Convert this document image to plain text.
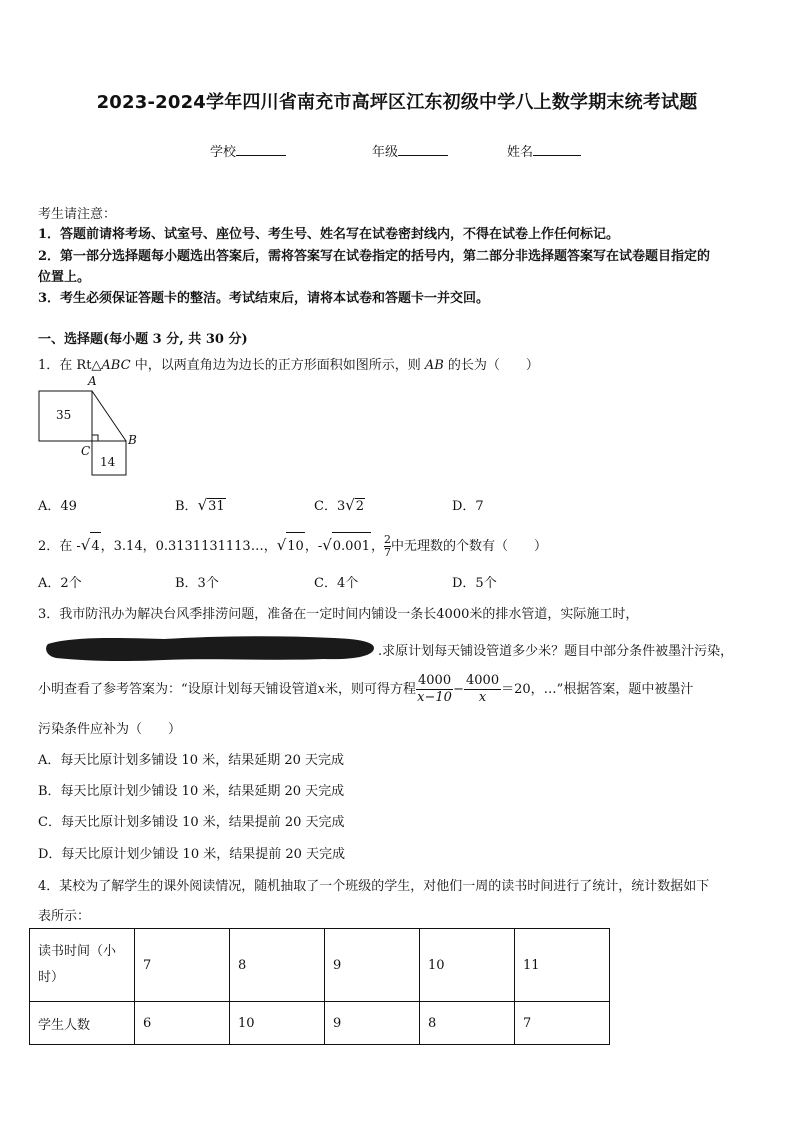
2023-2024学年四川省南充市高坪区江东初级中学八上数学期末统考试题
学校	年级	姓名
考生请注意：
1．答题前请将考场、试室号、座位号、考生号、姓名写在试卷密封线内，不得在试卷上作任何标记。
2．第一部分选择题每小题选出答案后，需将答案写在试卷指定的括号内，第二部分非选择题答案写在试卷题目指定的
位置上。
3．考生必须保证答题卡的整洁。考试结束后，请将本试卷和答题卡一并交回。
一、选择题(每小题 3 分, 共 30 分)
1．在 Rt△ABC 中，以两直角边为边长的正方形面积如图所示，则 AB 的长为（　　）
35
14
A
B
C
A．49	B．√31	C．3√2	D．7
2．在 -√4，3.14，0.3131131113…，√10，-√0.001， $\frac{2}{7}$ 中无理数的个数有（　　）
A．2个	B．3个	C．4个	D．5个
3．我市防汛办为解决台风季排涝问题，准备在一定时间内铺设一条长4000米的排水管道，实际施工时，
.求原计划每天铺设管道多少米？题目中部分条件被墨汁污染，
小明查看了参考答案为：“设原计划每天铺设管道x米，则可得方程 $\frac{4000}{x-10} - \frac{4000}{x} =20$，…”根据答案，题中被墨汁
污染条件应补为（　　）
A．每天比原计划多铺设 10 米，结果延期 20 天完成
B．每天比原计划少铺设 10 米，结果延期 20 天完成
C．每天比原计划多铺设 10 米，结果提前 20 天完成
D．每天比原计划少铺设 10 米，结果提前 20 天完成
4．某校为了解学生的课外阅读情况，随机抽取了一个班级的学生，对他们一周的读书时间进行了统计，统计数据如下
表所示：
读书时间（小时）	7	8	9	10	11
学生人数	6	10	9	8	7
